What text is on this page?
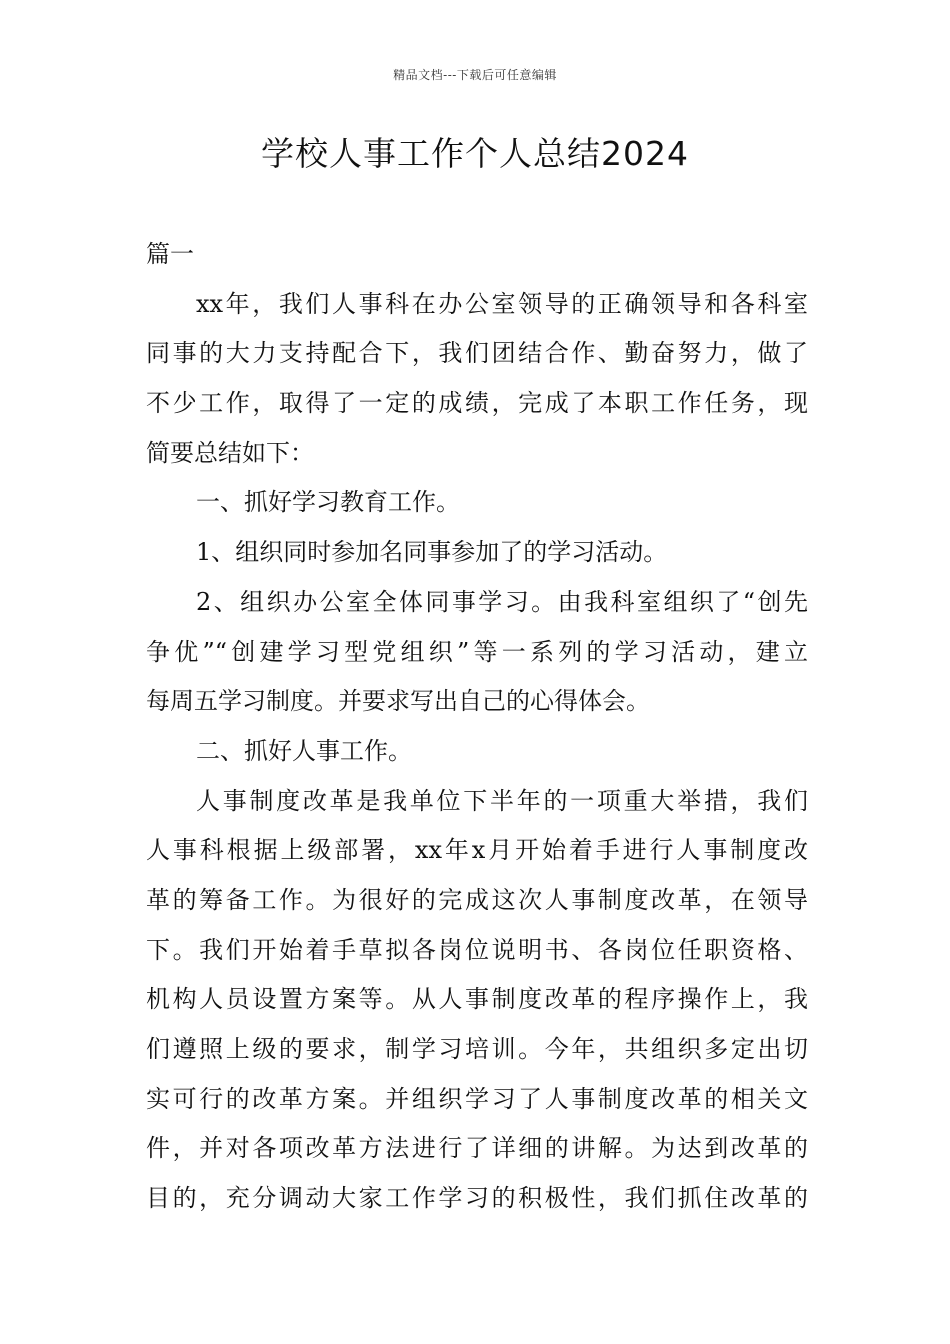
精品文档---下载后可任意编辑
学校人事工作个人总结2024
篇一
xx年，我们人事科在办公室领导的正确领导和各科室
同事的大力支持配合下，我们团结合作、勤奋努力，做了
不少工作，取得了一定的成绩，完成了本职工作任务，现
简要总结如下：
一、抓好学习教育工作。
1、组织同时参加名同事参加了的学习活动。
2、组织办公室全体同事学习。由我科室组织了“创先
争优”“创建学习型党组织”等一系列的学习活动，建立
每周五学习制度。并要求写出自己的心得体会。
二、抓好人事工作。
人事制度改革是我单位下半年的一项重大举措，我们
人事科根据上级部署，xx年x月开始着手进行人事制度改
革的筹备工作。为很好的完成这次人事制度改革，在领导
下。我们开始着手草拟各岗位说明书、各岗位任职资格、
机构人员设置方案等。从人事制度改革的程序操作上，我
们遵照上级的要求，制学习培训。今年，共组织多定出切
实可行的改革方案。并组织学习了人事制度改革的相关文
件，并对各项改革方法进行了详细的讲解。为达到改革的
目的，充分调动大家工作学习的积极性，我们抓住改革的
